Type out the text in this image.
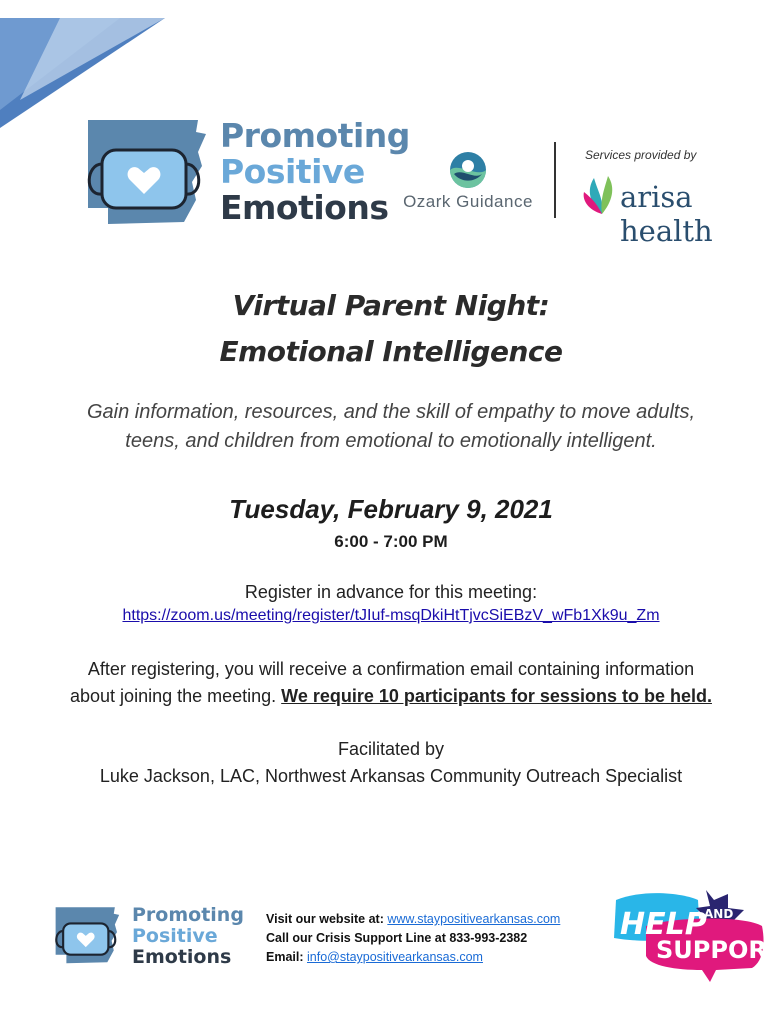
Promoting
Positive
Emotions Ozark Guidance
Services provided by
arisa health
Virtual Parent Night:
Emotional Intelligence
Gain information, resources, and the skill of empathy to move adults,
teens, and children from emotional to emotionally intelligent.
Tuesday, February 9, 2021
6:00 - 7:00 PM
Register in advance for this meeting:
https://zoom.us/meeting/register/tJIuf-msqDkiHtTjvcSiEBzV_wFb1Xk9u_Zm
After registering, you will receive a confirmation email containing information
about joining the meeting. We require 10 participants for sessions to be held.
Facilitated by
Luke Jackson, LAC, Northwest Arkansas Community Outreach Specialist
Promoting
Positive
Emotions
Visit our website at: www.staypositivearkansas.com
Call our Crisis Support Line at 833-993-2382
Email: info@staypositivearkansas.com
HELP
AND
SUPPORT
